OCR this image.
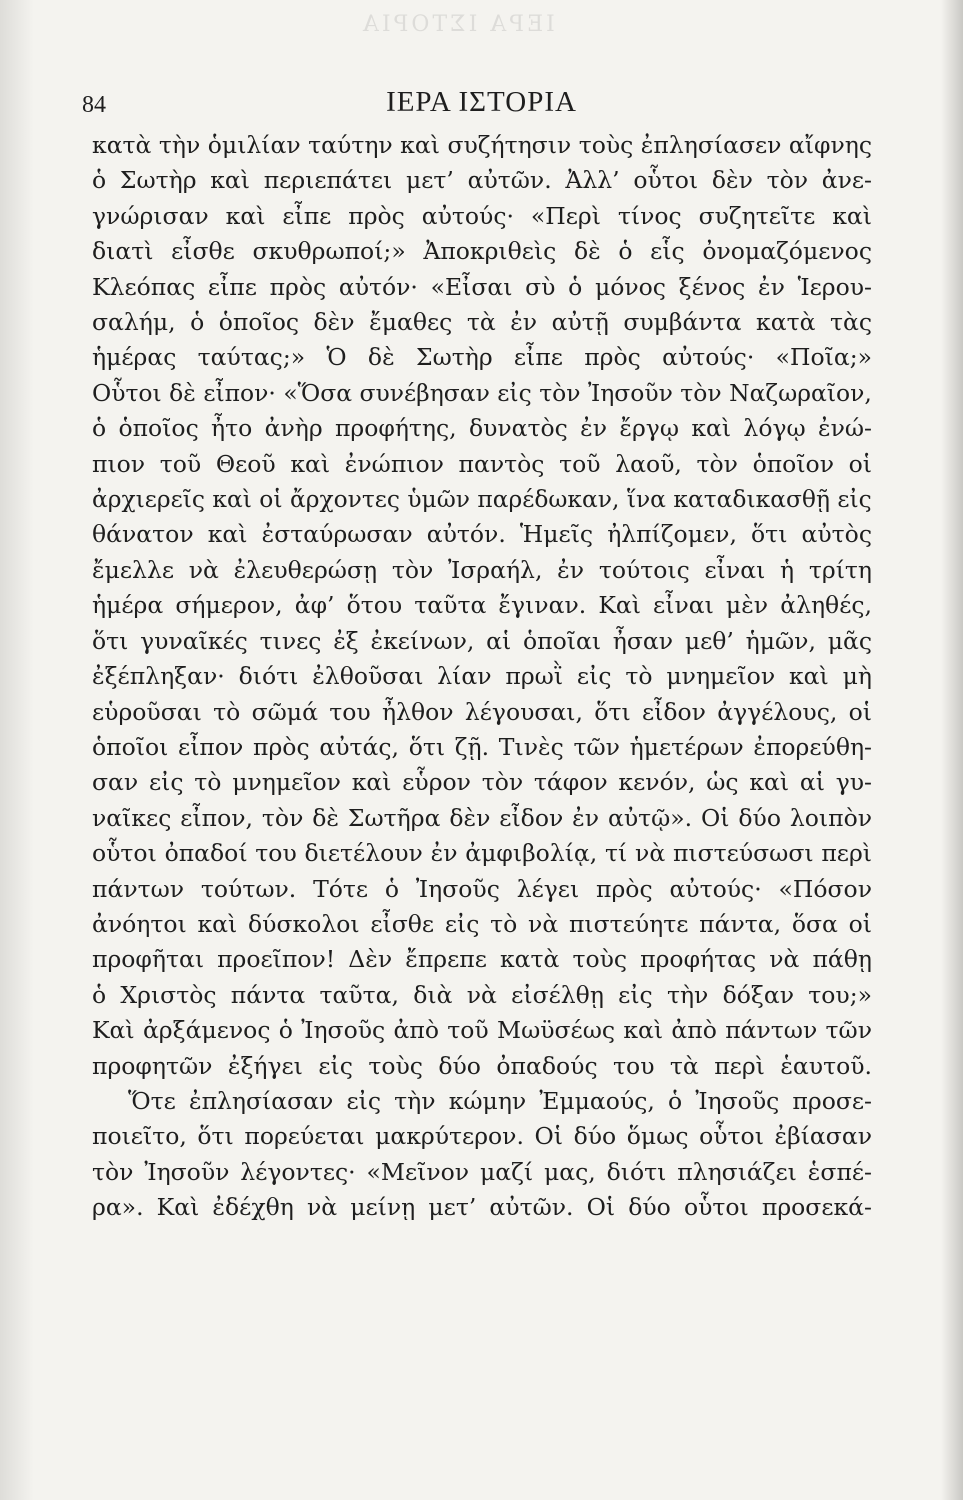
ΙΕΡΑ ΙΣΤΟΡΙΑ
84	ΙΕΡΑ ΙΣΤΟΡΙΑ
κατὰ τὴν ὁμιλίαν ταύτην καὶ συζήτησιν τοὺς ἐπλησίασεν αἴφνης
ὁ Σωτὴρ καὶ περιεπάτει μετ’ αὐτῶν. Ἀλλ’ οὗτοι δὲν τὸν ἀνε-
γνώρισαν καὶ εἶπε πρὸς αὐτούς· «Περὶ τίνος συζητεῖτε καὶ
διατὶ εἶσθε σκυθρωποί;» Ἀποκριθεὶς δὲ ὁ εἷς ὀνομαζόμενος
Κλεόπας εἶπε πρὸς αὐτόν· «Εἶσαι σὺ ὁ μόνος ξένος ἐν Ἱερου-
σαλήμ, ὁ ὁποῖος δὲν ἔμαθες τὰ ἐν αὐτῇ συμβάντα κατὰ τὰς
ἡμέρας ταύτας;» Ὁ δὲ Σωτὴρ εἶπε πρὸς αὐτούς· «Ποῖα;»
Οὗτοι δὲ εἶπον· «Ὅσα συνέβησαν εἰς τὸν Ἰησοῦν τὸν Ναζωραῖον,
ὁ ὁποῖος ἦτο ἀνὴρ προφήτης, δυνατὸς ἐν ἔργῳ καὶ λόγῳ ἐνώ-
πιον τοῦ Θεοῦ καὶ ἐνώπιον παντὸς τοῦ λαοῦ, τὸν ὁποῖον οἱ
ἀρχιερεῖς καὶ οἱ ἄρχοντες ὑμῶν παρέδωκαν, ἵνα καταδικασθῇ εἰς
θάνατον καὶ ἐσταύρωσαν αὐτόν. Ἡμεῖς ἠλπίζομεν, ὅτι αὐτὸς
ἔμελλε νὰ ἐλευθερώσῃ τὸν Ἰσραήλ, ἐν τούτοις εἶναι ἡ τρίτη
ἡμέρα σήμερον, ἀφ’ ὅτου ταῦτα ἔγιναν. Καὶ εἶναι μὲν ἀληθές,
ὅτι γυναῖκές τινες ἐξ ἐκείνων, αἱ ὁποῖαι ἦσαν μεθ’ ἡμῶν, μᾶς
ἐξέπληξαν· διότι ἐλθοῦσαι λίαν πρωῒ εἰς τὸ μνημεῖον καὶ μὴ
εὑροῦσαι τὸ σῶμά του ἦλθον λέγουσαι, ὅτι εἶδον ἀγγέλους, οἱ
ὁποῖοι εἶπον πρὸς αὐτάς, ὅτι ζῇ. Τινὲς τῶν ἡμετέρων ἐπορεύθη-
σαν εἰς τὸ μνημεῖον καὶ εὗρον τὸν τάφον κενόν, ὡς καὶ αἱ γυ-
ναῖκες εἶπον, τὸν δὲ Σωτῆρα δὲν εἶδον ἐν αὐτῷ». Οἱ δύο λοιπὸν
οὗτοι ὀπαδοί του διετέλουν ἐν ἀμφιβολίᾳ, τί νὰ πιστεύσωσι περὶ
πάντων τούτων. Τότε ὁ Ἰησοῦς λέγει πρὸς αὐτούς· «Πόσον
ἀνόητοι καὶ δύσκολοι εἶσθε εἰς τὸ νὰ πιστεύητε πάντα, ὅσα οἱ
προφῆται προεῖπον! Δὲν ἔπρεπε κατὰ τοὺς προφήτας νὰ πάθῃ
ὁ Χριστὸς πάντα ταῦτα, διὰ νὰ εἰσέλθῃ εἰς τὴν δόξαν του;»
Καὶ ἀρξάμενος ὁ Ἰησοῦς ἀπὸ τοῦ Μωϋσέως καὶ ἀπὸ πάντων τῶν
προφητῶν ἐξήγει εἰς τοὺς δύο ὀπαδούς του τὰ περὶ ἑαυτοῦ.
Ὅτε ἐπλησίασαν εἰς τὴν κώμην Ἐμμαούς, ὁ Ἰησοῦς προσε-
ποιεῖτο, ὅτι πορεύεται μακρύτερον. Οἱ δύο ὅμως οὗτοι ἐβίασαν
τὸν Ἰησοῦν λέγοντες· «Μεῖνον μαζί μας, διότι πλησιάζει ἑσπέ-
ρα». Καὶ ἐδέχθη νὰ μείνῃ μετ’ αὐτῶν. Οἱ δύο οὗτοι προσεκά-
